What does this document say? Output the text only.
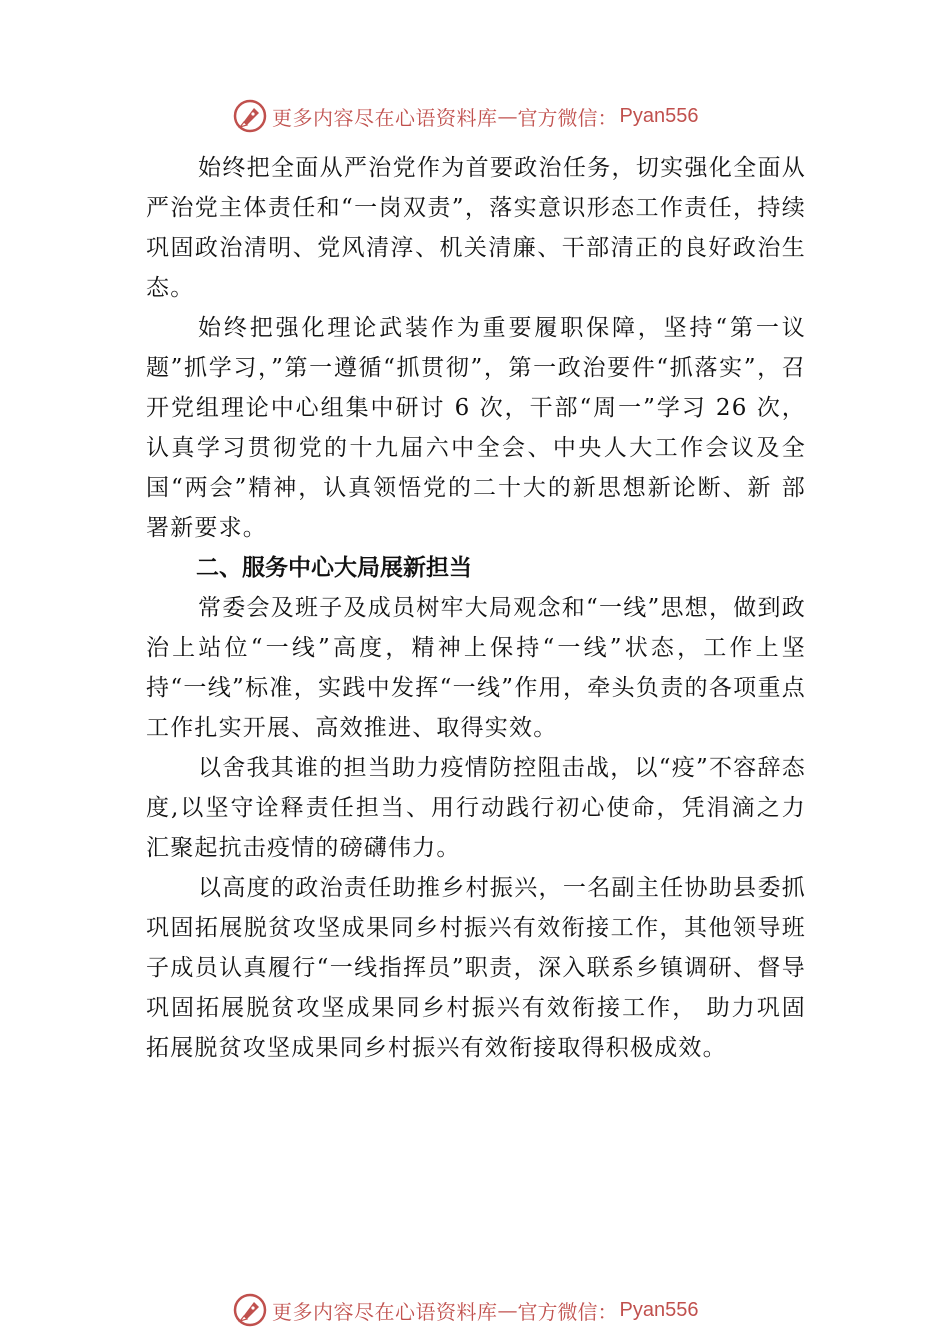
更多内容尽在心语资料库 — 官方微信： Pyan556

始终把全面从严治党作为首要政治任务，切实强化全面从严治党主体责任和“一岗双责”，落实意识形态工作责任，持续巩固政治清明、党风清淳、机关清廉、干部清正的良好政治生态。

始终把强化理论武装作为重要履职保障，坚持“第一议题”抓学习，”第一遵循“抓贯彻”，第一政治要件“抓落实”，召开党组理论中心组集中研讨 6 次，干部“周一”学习 26 次，认真学习贯彻党的十九届六中全会、中央人大工作会议及全国“两会”精神，认真领悟党的二十大的新思想新论断、新 部署新要求。

二、服务中心大局展新担当

常委会及班子及成员树牢大局观念和“一线”思想，做到政治上站位“一线”高度，精神上保持“一线”状态，工作上坚持“一线”标准，实践中发挥“一线”作用，牵头负责的各项重点工作扎实开展、高效推进、取得实效。

以舍我其谁的担当助力疫情防控阻击战，以“疫”不容辞态度,以坚守诠释责任担当、用行动践行初心使命，凭涓滴之力汇聚起抗击疫情的磅礴伟力。

以高度的政治责任助推乡村振兴，一名副主任协助县委抓巩固拓展脱贫攻坚成果同乡村振兴有效衔接工作，其他领导班子成员认真履行“一线指挥员”职责，深入联系乡镇调研、督导巩固拓展脱贫攻坚成果同乡村振兴有效衔接工作， 助力巩固拓展脱贫攻坚成果同乡村振兴有效衔接取得积极成效。

更多内容尽在心语资料库 — 官方微信： Pyan556
